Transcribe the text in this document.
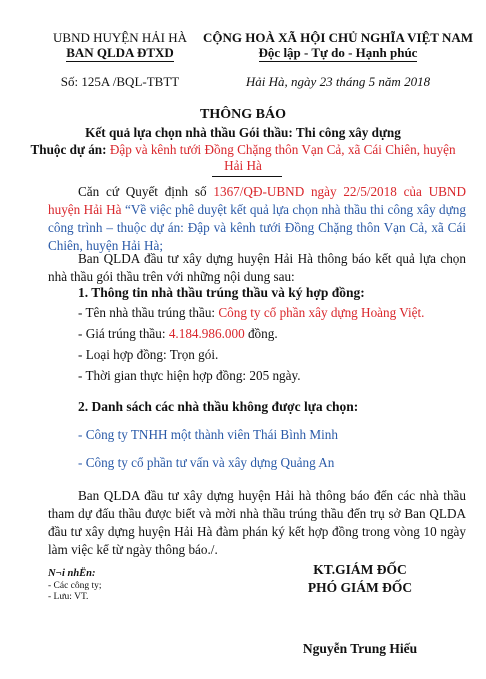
UBND HUYỆN HẢI HÀ
BAN QLDA ĐTXD
Số: 125A /BQL-TBTT
CỘNG HOÀ XÃ HỘI CHỦ NGHĨA VIỆT NAM
Độc lập - Tự do - Hạnh phúc
Hải Hà, ngày 23 tháng 5 năm 2018
THÔNG BÁO
Kết quả lựa chọn nhà thầu Gói thầu: Thi công xây dựng
Thuộc dự án: Đập và kênh tưới Đồng Chặng thôn Vạn Cả, xã Cái Chiên, huyện
Hải Hà
Căn cứ Quyết định số 1367/QĐ-UBND ngày 22/5/2018 của UBND huyện Hải Hà “Về việc phê duyệt kết quả lựa chọn nhà thầu thi công xây dựng công trình – thuộc dự án: Đập và kênh tưới Đồng Chặng thôn Vạn Cả, xã Cái Chiên, huyện Hải Hà;
Ban QLDA đầu tư xây dựng huyện Hải Hà thông báo kết quả lựa chọn nhà thầu gói thầu trên với những nội dung sau:
1. Thông tin nhà thầu trúng thầu và ký hợp đồng:
- Tên nhà thầu trúng thầu: Công ty cổ phần xây dựng Hoàng Việt.
- Giá trúng thầu: 4.184.986.000 đồng.
- Loại hợp đồng: Trọn gói.
- Thời gian thực hiện hợp đồng: 205 ngày.
2. Danh sách các nhà thầu không được lựa chọn:
- Công ty TNHH một thành viên Thái Bình Minh
- Công ty cổ phần tư vấn và xây dựng Quảng An
Ban QLDA đầu tư xây dựng huyện Hải hà thông báo đến các nhà thầu tham dự đấu thầu được biết và mời nhà thầu trúng thầu đến trụ sở Ban QLDA đầu tư xây dựng huyện Hải Hà đàm phán ký kết hợp đồng trong vòng 10 ngày làm việc kể từ ngày thông báo./.
N¬i nhËn:
- Các công ty;
- Lưu: VT.
KT.GIÁM ĐỐC
PHÓ GIÁM ĐỐC
Nguyễn Trung Hiếu
